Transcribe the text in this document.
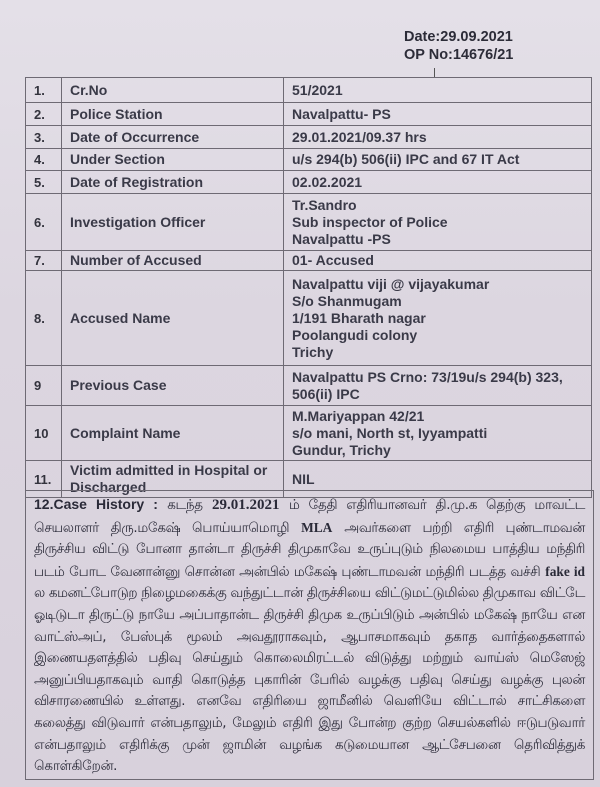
Date:29.09.2021
OP No:14676/21
1.	Cr.No	51/2021

2.	Police Station	Navalpattu- PS

3.	Date of Occurrence	29.01.2021/09.37 hrs

4.	Under Section	u/s 294(b) 506(ii) IPC and 67 IT Act

5.	Date of Registration	02.02.2021

6.	Investigation Officer	Tr.Sandro
Sub inspector of Police
Navalpattu -PS

7.	Number of Accused	01- Accused

8.	Accused Name	Navalpattu viji @ vijayakumar
S/o Shanmugam
1/191 Bharath nagar
Poolangudi colony
Trichy

9	Previous Case	Navalpattu PS Crno: 73/19u/s 294(b) 323,
506(ii) IPC

10	Complaint Name	M.Mariyappan 42/21
s/o mani, North st, Iyyampatti
Gundur, Trichy

11.	Victim admitted in Hospital or Discharged	NIL
12.Case History : கடந்த 29.01.2021 ம் தேதி எதிரியானவர் தி.மு.க தெற்கு மாவட்ட செயலாளர் திரு.மகேஷ் பொய்யாமொழி MLA அவர்களை பற்றி எதிரி புண்டாமவன் திருச்சிய விட்டு போனா தான்டா திருச்சி திமுகாவே உருப்புடும் நிலமைய பாத்திய மந்திரி படம் போட வேனான்னு சொன்ன அன்பில் மகேஷ் புண்டாமவன் மந்திரி படத்த வச்சி fake id ல கமனட்போடுற நிழைமகைக்கு வந்துட்டான் திருச்சியை விட்டுமட்டுமில்ல திமுகாவ விட்டே ஓடிடுடா திருட்டு நாயே அப்பாதான்ட திருச்சி திமுக உருப்பிடும் அன்பில் மகேஷ் நாயே என வாட்ஸ்அப், பேஸ்புக் மூலம் அவதூராகவும், ஆபாசமாகவும் தகாத வார்த்தைகளால் இணையதளத்தில் பதிவு செய்தும் கொலைமிரட்டல் விடுத்து மற்றும் வாய்ஸ் மெஸேஜ் அனுப்பியதாகவும் வாதி கொடுத்த புகாரின் பேரில் வழக்கு பதிவு செய்து வழக்கு புலன் விசாரணையில் உள்ளது. எனவே எதிரியை ஜாமீனில் வெளியே விட்டால் சாட்சிகளை கலைத்து விடுவார் என்பதாலும், மேலும் எதிரி இது போன்ற குற்ற செயல்களில் ஈடுபடுவார் என்பதாலும் எதிரிக்கு முன் ஜாமின் வழங்க கடுமையான ஆட்சேபனை தெரிவித்துக் கொள்கிறேன்.
